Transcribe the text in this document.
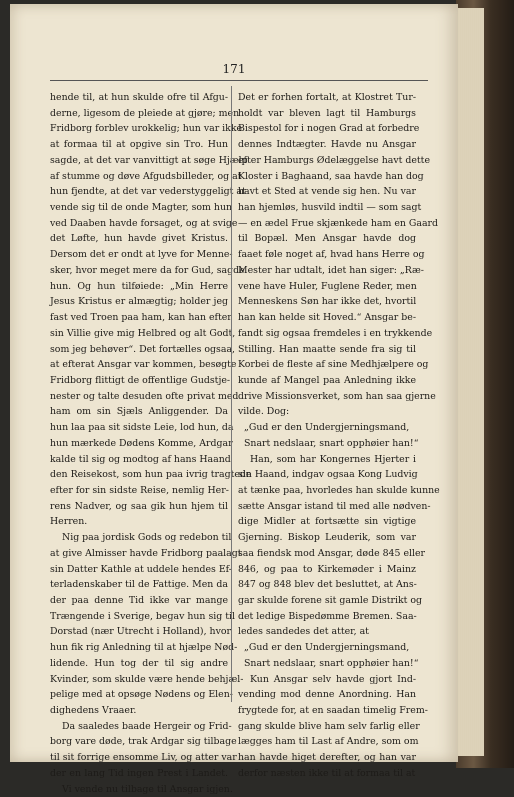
171
hende til, at hun skulde ofre til Afgu-
derne, ligesom de pleiede at gjøre; men
Fridborg forblev urokkelig; hun var ikke
at formaa til at opgive sin Tro. Hun
sagde, at det var vanvittigt at søge Hjælp
af stumme og døve Afgudsbilleder, og at
hun fjendte, at det var vederstyggeligt at
vende sig til de onde Magter, som hun
ved Daaben havde forsaget, og at svige
det Løfte, hun havde givet Kristus.
Dersom det er ondt at lyve for Menne-
sker, hvor meget mere da for Gud, sagde
hun. Og hun tilføiede: „Min Herre
Jesus Kristus er almægtig; holder jeg
fast ved Troen paa ham, kan han efter
sin Villie give mig Helbred og alt Godt,
som jeg behøver“. Det fortælles ogsaa,
at efterat Ansgar var kommen, besøgte
Fridborg flittigt de offentlige Gudstje-
nester og talte desuden ofte privat med
ham om sin Sjæls Anliggender. Da
hun laa paa sit sidste Leie, lod hun, da
hun mærkede Dødens Komme, Ardgar
kalde til sig og modtog af hans Haand
den Reisekost, som hun paa ivrig tragtede
efter for sin sidste Reise, nemlig Her-
rens Nadver, og saa gik hun hjem til
Herren.
Nig paa jordisk Gods og redebon til
at give Almisser havde Fridborg paalagt
sin Datter Kathle at uddele hendes Ef-
terladenskaber til de Fattige. Men da
der paa denne Tid ikke var mange
Trængende i Sverige, begav hun sig til
Dorstad (nær Utrecht i Holland), hvor
hun fik rig Anledning til at hjælpe Nød-
lidende. Hun tog der til sig andre
Kvinder, som skulde være hende behjæl-
pelige med at opsøge Nødens og Elen-
dighedens Vraaer.
Da saaledes baade Hergeir og Frid-
borg vare døde, trak Ardgar sig tilbage
til sit forrige ensomme Liv, og atter var
der en lang Tid ingen Prest i Landet.
Vi vende nu tilbage til Ansgar igjen.
Det er forhen fortalt, at Klostret Tur-
holdt var bleven lagt til Hamburgs
Bispestol for i nogen Grad at forbedre
dennes Indtægter. Havde nu Ansgar
efter Hamburgs Ødelæggelse havt dette
Kloster i Baghaand, saa havde han dog
havt et Sted at vende sig hen. Nu var
han hjemløs, husvild indtil — som sagt
— en ædel Frue skjænkede ham en Gaard
til Bopæl. Men Ansgar havde dog
faaet føle noget af, hvad hans Herre og
Mester har udtalt, idet han siger: „Ræ-
vene have Huler, Fuglene Reder, men
Menneskens Søn har ikke det, hvortil
han kan helde sit Hoved.“ Ansgar be-
fandt sig ogsaa fremdeles i en trykkende
Stilling. Han maatte sende fra sig til
Korbei de fleste af sine Medhjælpere og
kunde af Mangel paa Anledning ikke
drive Missionsverket, som han saa gjerne
vilde. Dog:
„Gud er den Undergjerningsmand,
Snart nedslaar, snart opphøier han!“
Han, som har Kongernes Hjerter i
sin Haand, indgav ogsaa Kong Ludvig
at tænke paa, hvorledes han skulde kunne
sætte Ansgar istand til med alle nødven-
dige Midler at fortsætte sin vigtige
Gjerning. Biskop Leuderik, som var
saa fiendsk mod Ansgar, døde 845 eller
846, og paa to Kirkemøder i Mainz
847 og 848 blev det besluttet, at Ans-
gar skulde forene sit gamle Distrikt og
det ledige Bispedømme Bremen. Saa-
ledes sandedes det atter, at
„Gud er den Undergjerningsmand,
Snart nedslaar, snart opphøier han!“
Kun Ansgar selv havde gjort Ind-
vending mod denne Anordning. Han
frygtede for, at en saadan timelig Frem-
gang skulde blive ham selv farlig eller
lægges ham til Last af Andre, som om
han havde higet derefter, og han var
derfor næsten ikke til at formaa til at
